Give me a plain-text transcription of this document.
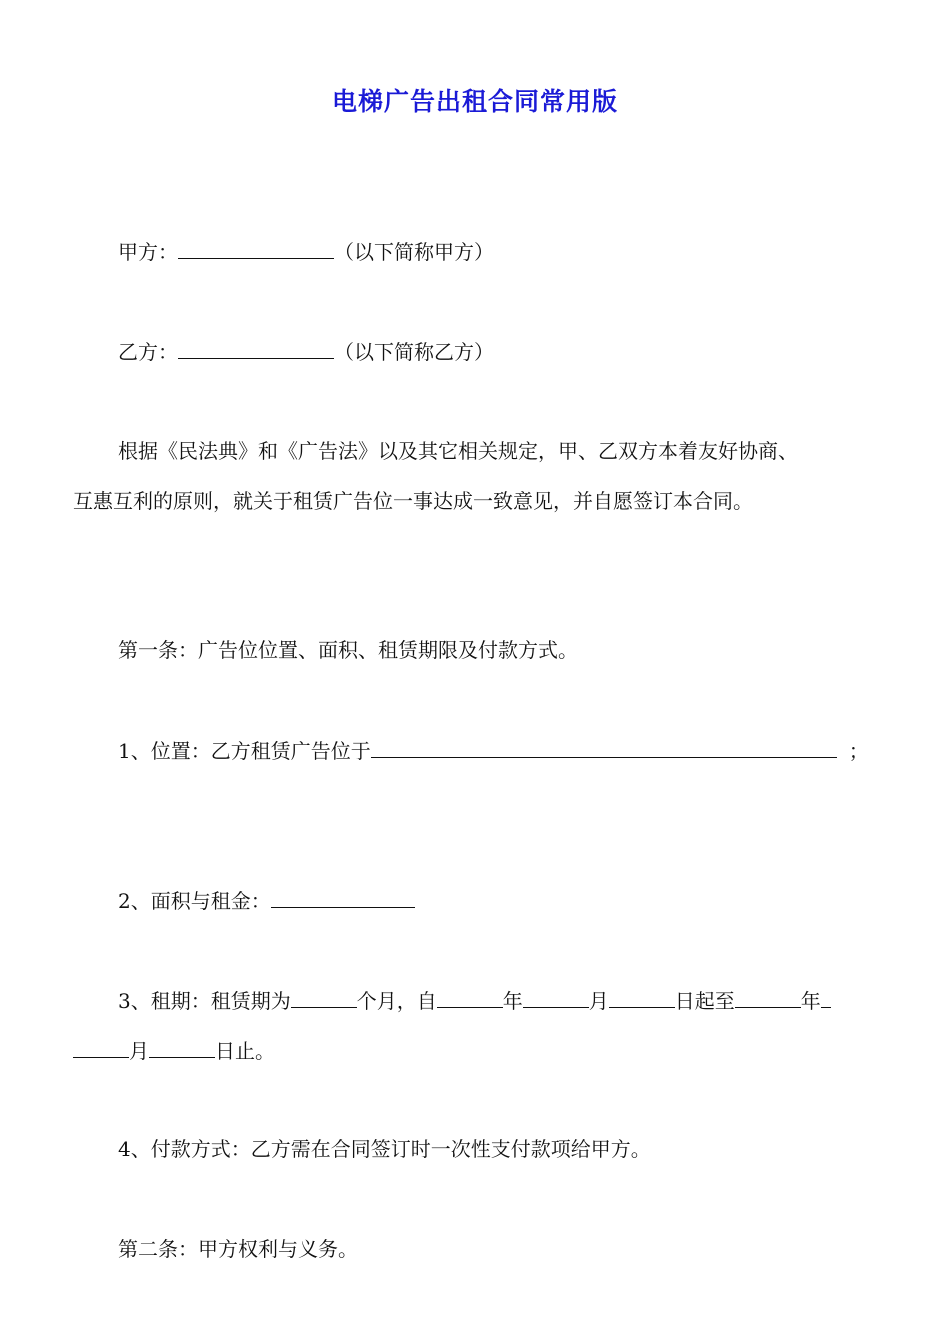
电梯广告出租合同常用版
甲方：	（以下简称甲方）
乙方：	（以下简称乙方）
根据《民法典》和《广告法》以及其它相关规定，甲、乙双方本着友好协商、
互惠互利的原则，就关于租赁广告位一事达成一致意见，并自愿签订本合同。
第一条：广告位位置、面积、租赁期限及付款方式。
1、位置：乙方租赁广告位于	；
2、面积与租金：
3、租期：租赁期为	个月，自	年	月	日起至	年
月	日止。
4、付款方式：乙方需在合同签订时一次性支付款项给甲方。
第二条：甲方权利与义务。
